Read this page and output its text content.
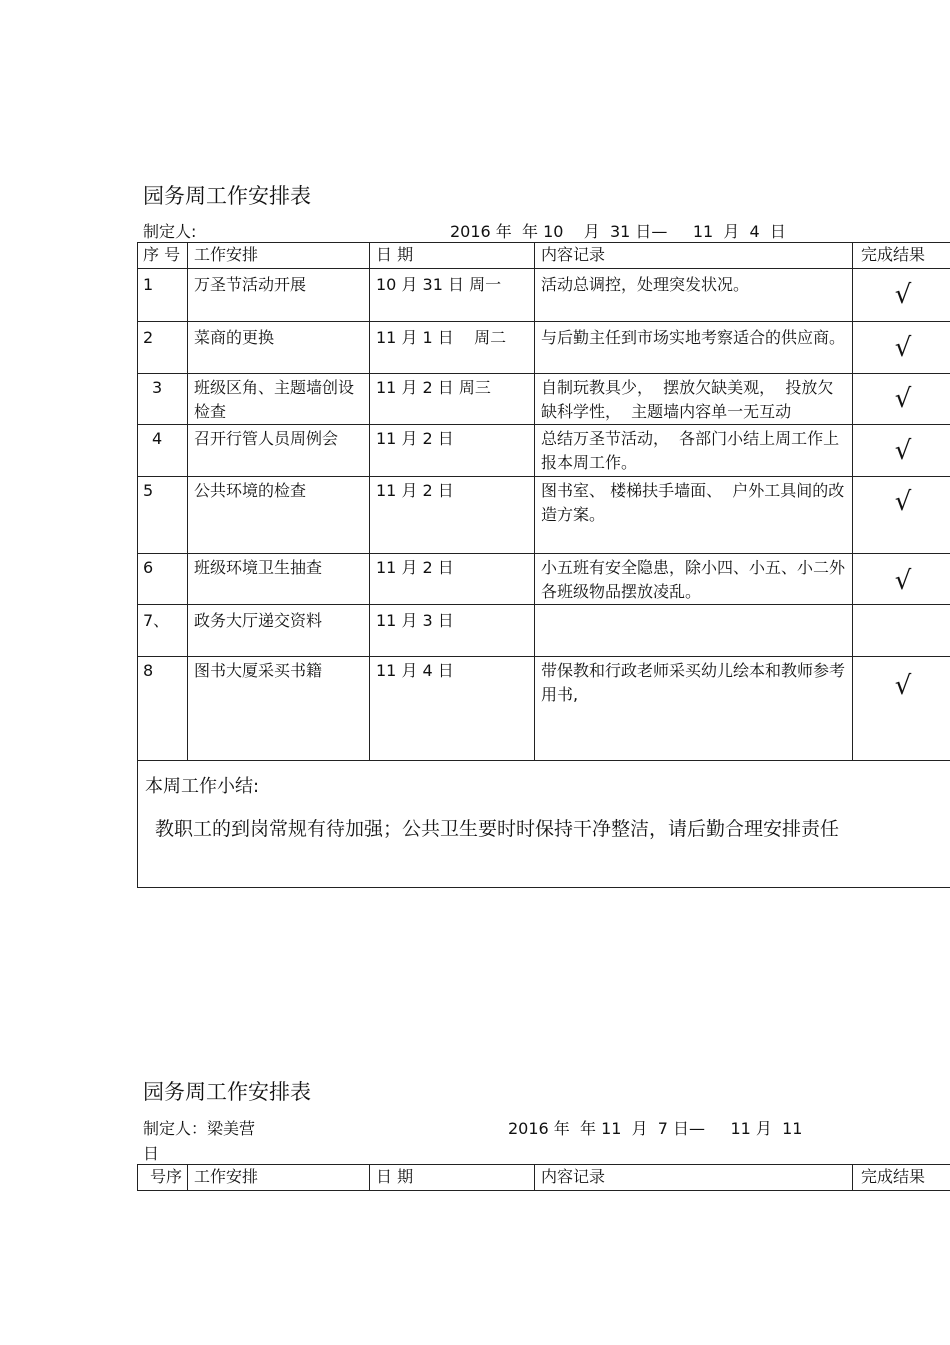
园务周工作安排表
制定人:	2016 年  年 10    月  31 日—     11  月  4  日
序 号	工作安排	日 期	内容记录	完成结果
1	万圣节活动开展	10 月 31 日 周一	活动总调控，处理突发状况。	√
2	菜商的更换	11 月 1 日    周二	与后勤主任到市场实地考察适合的供应商。	√
3	班级区角、主题墙创设检查	11 月 2 日 周三	自制玩教具少，  摆放欠缺美观，  投放欠缺科学性，  主题墙内容单一无互动	√
4	召开行管人员周例会	11 月 2 日	总结万圣节活动，  各部门小结上周工作上报本周工作。	√
5	公共环境的检查	11 月 2 日	图书室、 楼梯扶手墙面、  户外工具间的改造方案。	√
6	班级环境卫生抽查	11 月 2 日	小五班有安全隐患，除小四、小五、小二外各班级物品摆放凌乱。	√
7、	政务大厅递交资料	11 月 3 日		
8	图书大厦采买书籍	11 月 4 日	带保教和行政老师采买幼儿绘本和教师参考用书,	√

本周工作小结:
教职工的到岗常规有待加强；公共卫生要时时保持干净整洁，请后勤合理安排责任				
园务周工作安排表
制定人：梁美营	2016 年  年 11  月  7 日—     11 月  11
日
号序	工作安排	日 期	内容记录	完成结果
